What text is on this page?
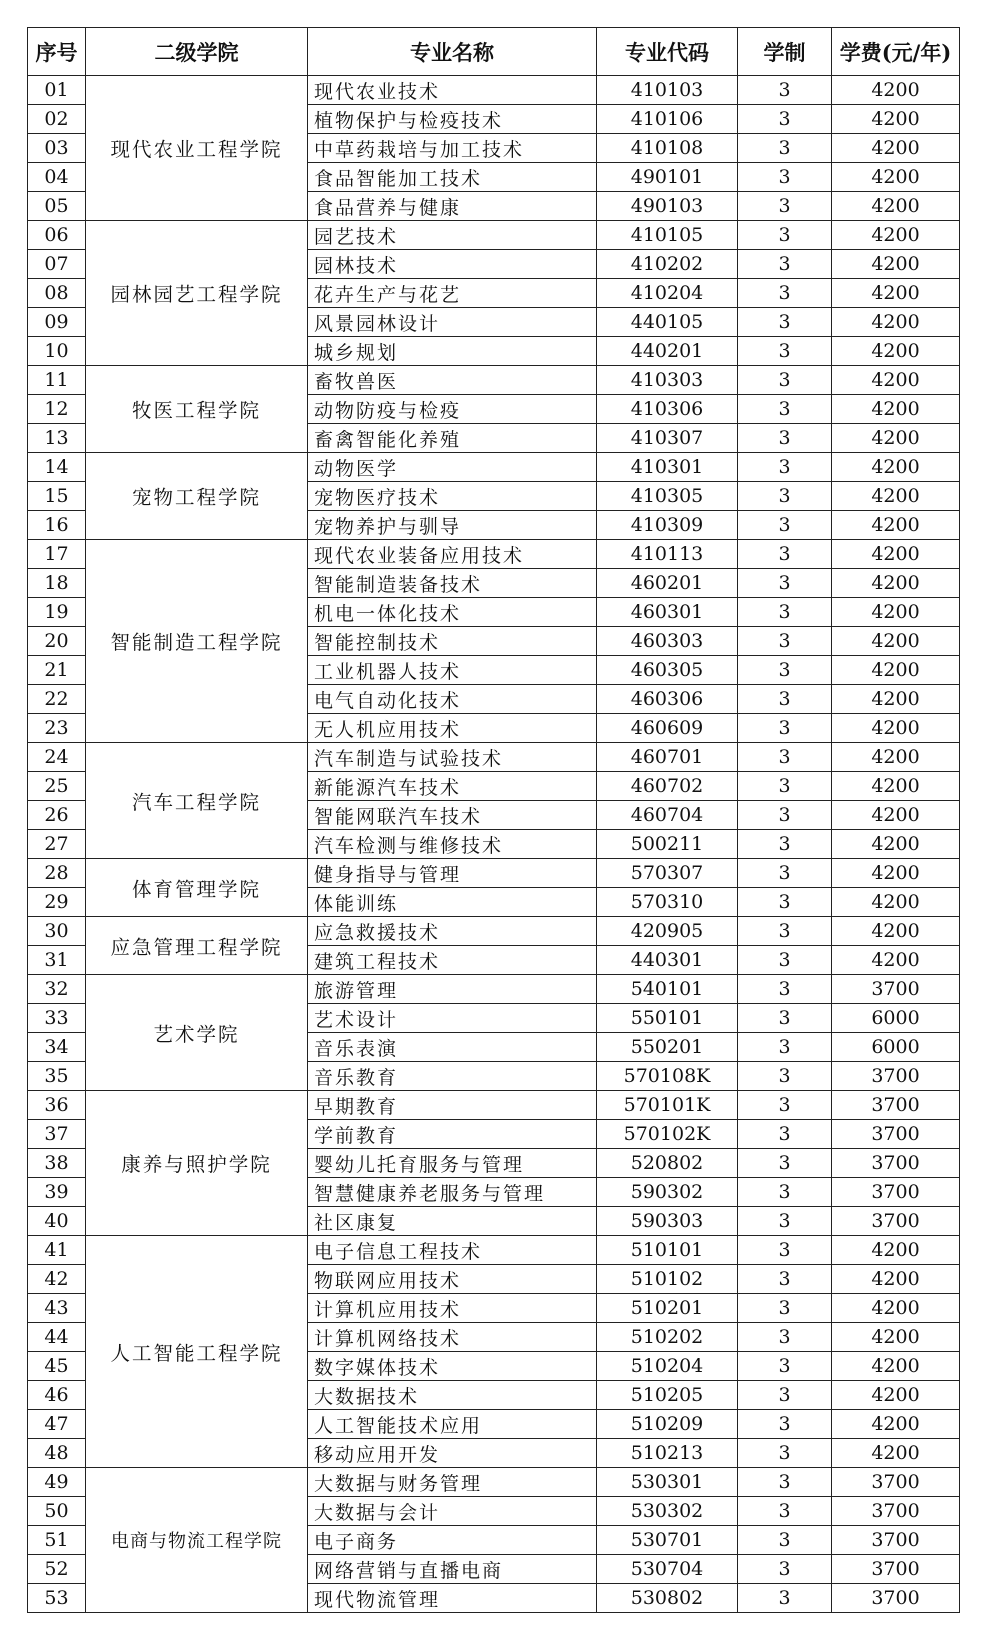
序号	二级学院	专业名称	专业代码	学制	学费(元/年)
01	现代农业工程学院	现代农业技术	410103	3	4200
02		植物保护与检疫技术	410106	3	4200
03		中草药栽培与加工技术	410108	3	4200
04		食品智能加工技术	490101	3	4200
05		食品营养与健康	490103	3	4200
06	园林园艺工程学院	园艺技术	410105	3	4200
07		园林技术	410202	3	4200
08		花卉生产与花艺	410204	3	4200
09		风景园林设计	440105	3	4200
10		城乡规划	440201	3	4200
11	牧医工程学院	畜牧兽医	410303	3	4200
12		动物防疫与检疫	410306	3	4200
13		畜禽智能化养殖	410307	3	4200
14	宠物工程学院	动物医学	410301	3	4200
15		宠物医疗技术	410305	3	4200
16		宠物养护与驯导	410309	3	4200
17	智能制造工程学院	现代农业装备应用技术	410113	3	4200
18		智能制造装备技术	460201	3	4200
19		机电一体化技术	460301	3	4200
20		智能控制技术	460303	3	4200
21		工业机器人技术	460305	3	4200
22		电气自动化技术	460306	3	4200
23		无人机应用技术	460609	3	4200
24	汽车工程学院	汽车制造与试验技术	460701	3	4200
25		新能源汽车技术	460702	3	4200
26		智能网联汽车技术	460704	3	4200
27		汽车检测与维修技术	500211	3	4200
28	体育管理学院	健身指导与管理	570307	3	4200
29		体能训练	570310	3	4200
30	应急管理工程学院	应急救援技术	420905	3	4200
31		建筑工程技术	440301	3	4200
32	艺术学院	旅游管理	540101	3	3700
33		艺术设计	550101	3	6000
34		音乐表演	550201	3	6000
35		音乐教育	570108K	3	3700
36	康养与照护学院	早期教育	570101K	3	3700
37		学前教育	570102K	3	3700
38		婴幼儿托育服务与管理	520802	3	3700
39		智慧健康养老服务与管理	590302	3	3700
40		社区康复	590303	3	3700
41	人工智能工程学院	电子信息工程技术	510101	3	4200
42		物联网应用技术	510102	3	4200
43		计算机应用技术	510201	3	4200
44		计算机网络技术	510202	3	4200
45		数字媒体技术	510204	3	4200
46		大数据技术	510205	3	4200
47		人工智能技术应用	510209	3	4200
48		移动应用开发	510213	3	4200
49	电商与物流工程学院	大数据与财务管理	530301	3	3700
50		大数据与会计	530302	3	3700
51		电子商务	530701	3	3700
52		网络营销与直播电商	530704	3	3700
53		现代物流管理	530802	3	3700
